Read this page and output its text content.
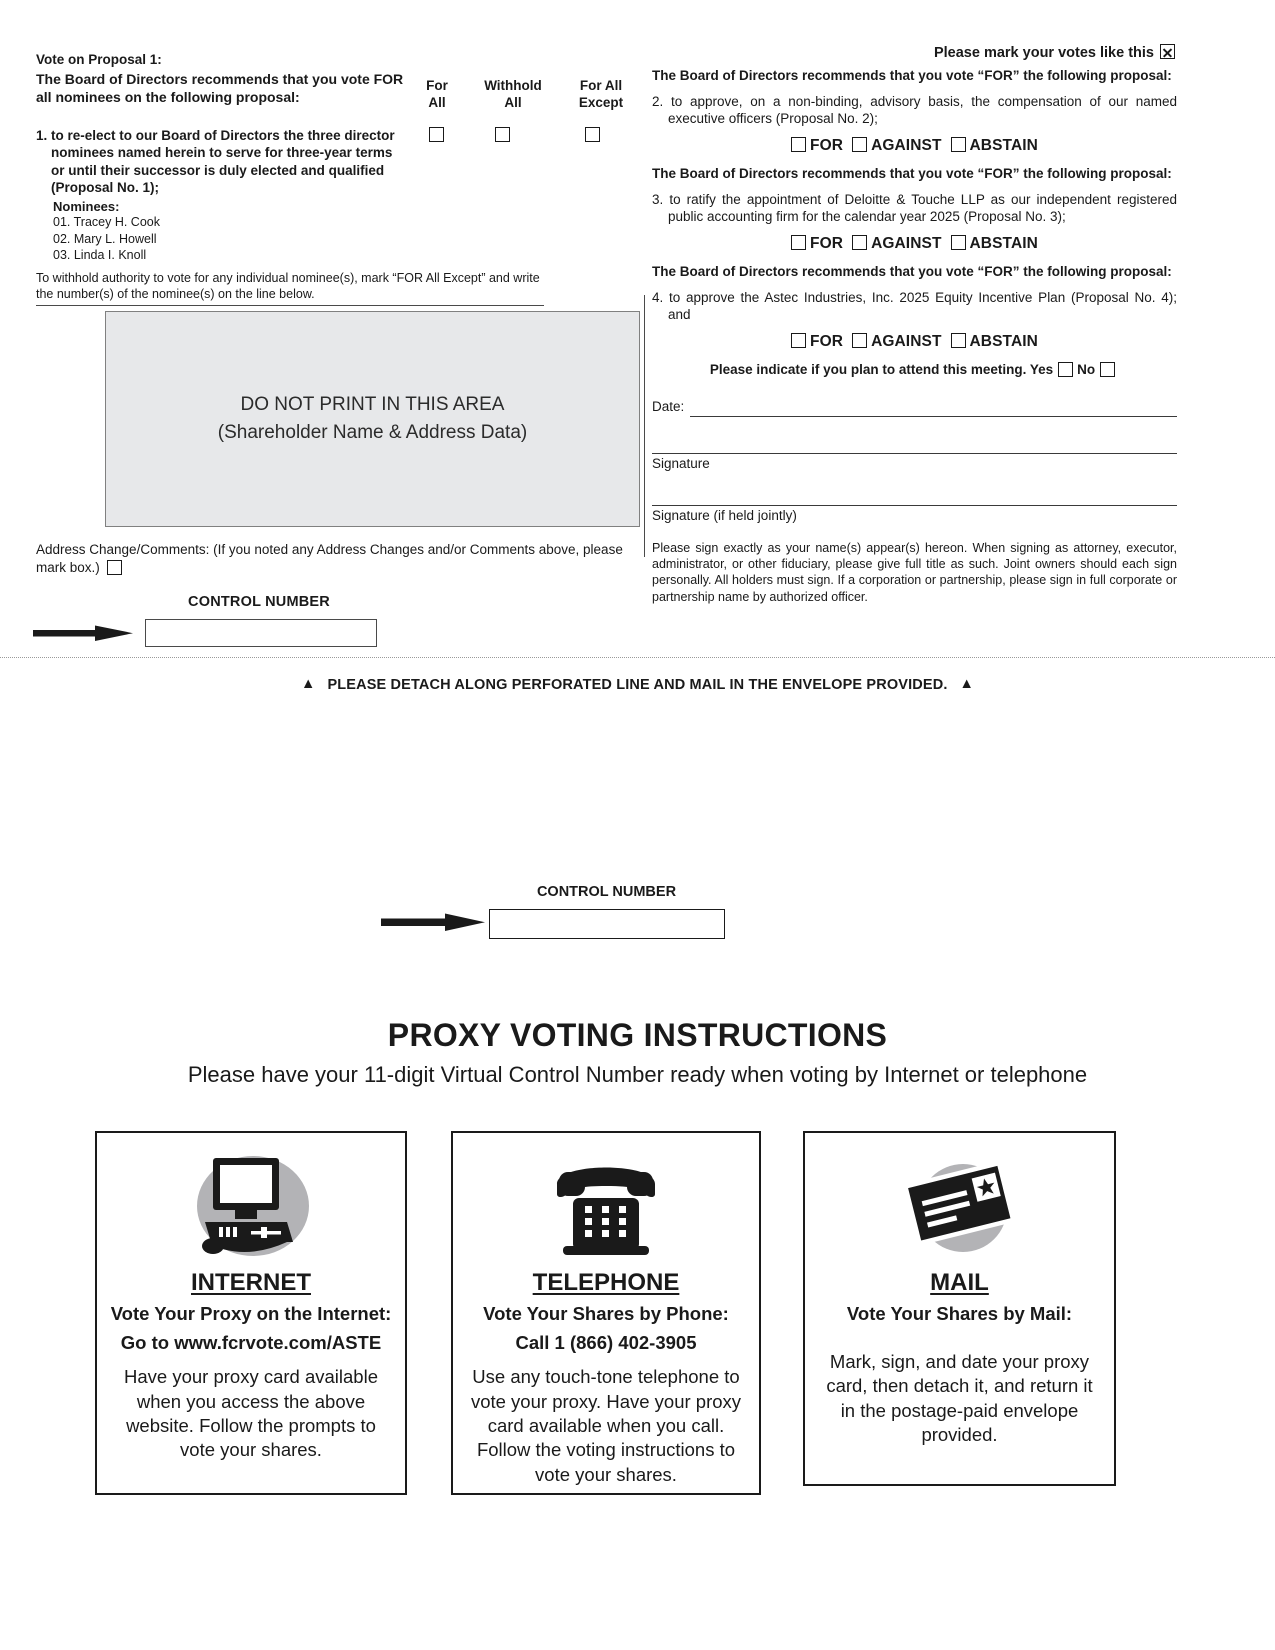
Please mark your votes like this
Vote on Proposal 1:
The Board of Directors recommends that you vote FOR all nominees on the following proposal:
For
All
Withhold
All
For All
Except
1. to re-elect to our Board of Directors the three director nominees named herein to serve for three-year terms or until their successor is duly elected and qualified (Proposal No. 1);
Nominees:
01. Tracey H. Cook
02. Mary L. Howell
03. Linda I. Knoll
To withhold authority to vote for any individual nominee(s), mark “FOR All Except” and write the number(s) of the nominee(s) on the line below.
DO NOT PRINT IN THIS AREA
(Shareholder Name & Address Data)
Address Change/Comments: (If you noted any Address Changes and/or Comments above, please mark box.)
CONTROL NUMBER
The Board of Directors recommends that you vote “FOR” the following proposal:
2. to approve, on a non-binding, advisory basis, the compensation of our named executive officers (Proposal No. 2);
FOR AGAINST ABSTAIN
The Board of Directors recommends that you vote “FOR” the following proposal:
3. to ratify the appointment of Deloitte & Touche LLP as our independent registered public accounting firm for the calendar year 2025 (Proposal No. 3);
FOR AGAINST ABSTAIN
The Board of Directors recommends that you vote “FOR” the following proposal:
4. to approve the Astec Industries, Inc. 2025 Equity Incentive Plan (Proposal No. 4); and
FOR AGAINST ABSTAIN
Please indicate if you plan to attend this meeting. Yes No
Date:
Signature
Signature (if held jointly)
Please sign exactly as your name(s) appear(s) hereon. When signing as attorney, executor, administrator, or other fiduciary, please give full title as such. Joint owners should each sign personally. All holders must sign. If a corporation or partnership, please sign in full corporate or partnership name by authorized officer.
▲ PLEASE DETACH ALONG PERFORATED LINE AND MAIL IN THE ENVELOPE PROVIDED. ▲
CONTROL NUMBER
PROXY VOTING INSTRUCTIONS
Please have your 11-digit Virtual Control Number ready when voting by Internet or telephone
INTERNET
Vote Your Proxy on the Internet:
Go to www.fcrvote.com/ASTE
Have your proxy card available when you access the above website. Follow the prompts to vote your shares.
TELEPHONE
Vote Your Shares by Phone:
Call 1 (866) 402-3905
Use any touch-tone telephone to vote your proxy. Have your proxy card available when you call. Follow the voting instructions to vote your shares.
MAIL
Vote Your Shares by Mail:
Mark, sign, and date your proxy card, then detach it, and return it in the postage-paid envelope provided.
